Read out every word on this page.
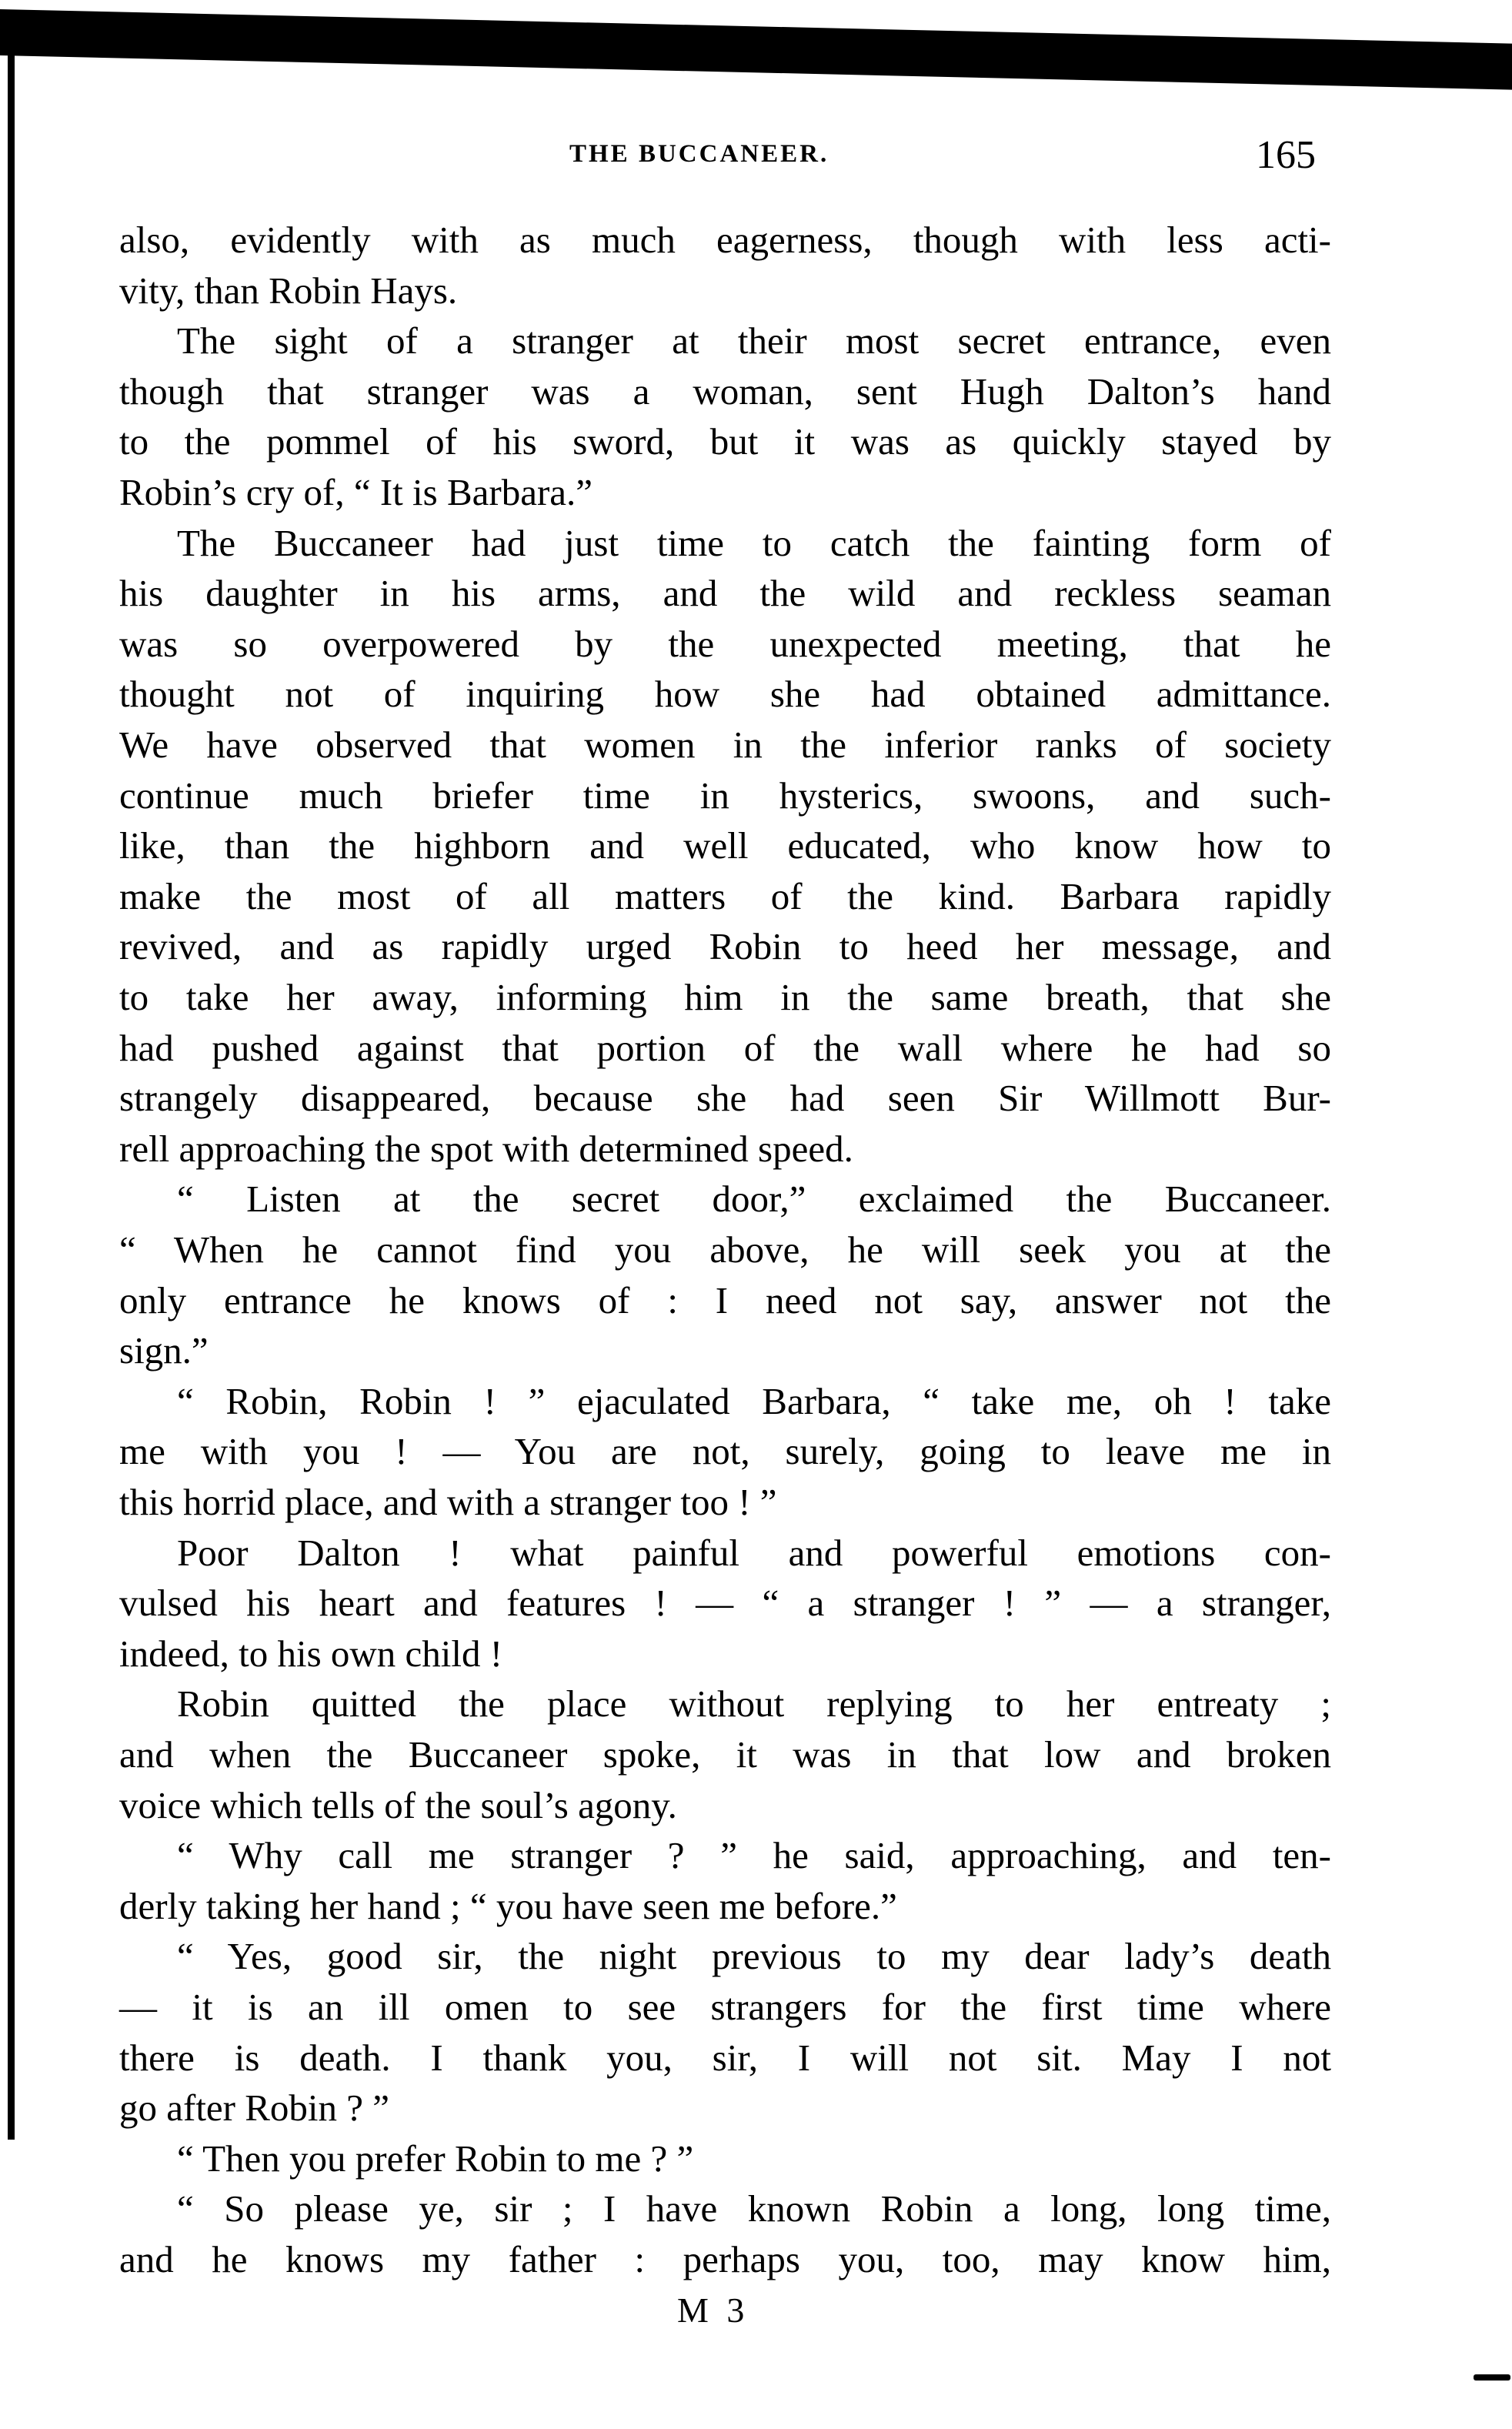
THE BUCCANEER.	165
also, evidently with as much eagerness, though with less acti-
vity, than Robin Hays.
The sight of a stranger at their most secret entrance, even
though that stranger was a woman, sent Hugh Dalton’s hand
to the pommel of his sword, but it was as quickly stayed by
Robin’s cry of, “ It is Barbara.”
The Buccaneer had just time to catch the fainting form of
his daughter in his arms, and the wild and reckless seaman
was so overpowered by the unexpected meeting, that he
thought not of inquiring how she had obtained admittance.
We have observed that women in the inferior ranks of society
continue much briefer time in hysterics, swoons, and such-
like, than the highborn and well educated, who know how to
make the most of all matters of the kind. Barbara rapidly
revived, and as rapidly urged Robin to heed her message, and
to take her away, informing him in the same breath, that she
had pushed against that portion of the wall where he had so
strangely disappeared, because she had seen Sir Willmott Bur-
rell approaching the spot with determined speed.
“ Listen at the secret door,” exclaimed the Buccaneer.
“ When he cannot find you above, he will seek you at the
only entrance he knows of : I need not say, answer not the
sign.”
“ Robin, Robin ! ” ejaculated Barbara, “ take me, oh ! take
me with you ! — You are not, surely, going to leave me in
this horrid place, and with a stranger too ! ”
Poor Dalton ! what painful and powerful emotions con-
vulsed his heart and features ! — “ a stranger ! ” — a stranger,
indeed, to his own child !
Robin quitted the place without replying to her entreaty ;
and when the Buccaneer spoke, it was in that low and broken
voice which tells of the soul’s agony.
“ Why call me stranger ? ” he said, approaching, and ten-
derly taking her hand ; “ you have seen me before.”
“ Yes, good sir, the night previous to my dear lady’s death
— it is an ill omen to see strangers for the first time where
there is death. I thank you, sir, I will not sit. May I not
go after Robin ? ”
“ Then you prefer Robin to me ? ”
“ So please ye, sir ; I have known Robin a long, long time,
and he knows my father : perhaps you, too, may know him,
M 3
